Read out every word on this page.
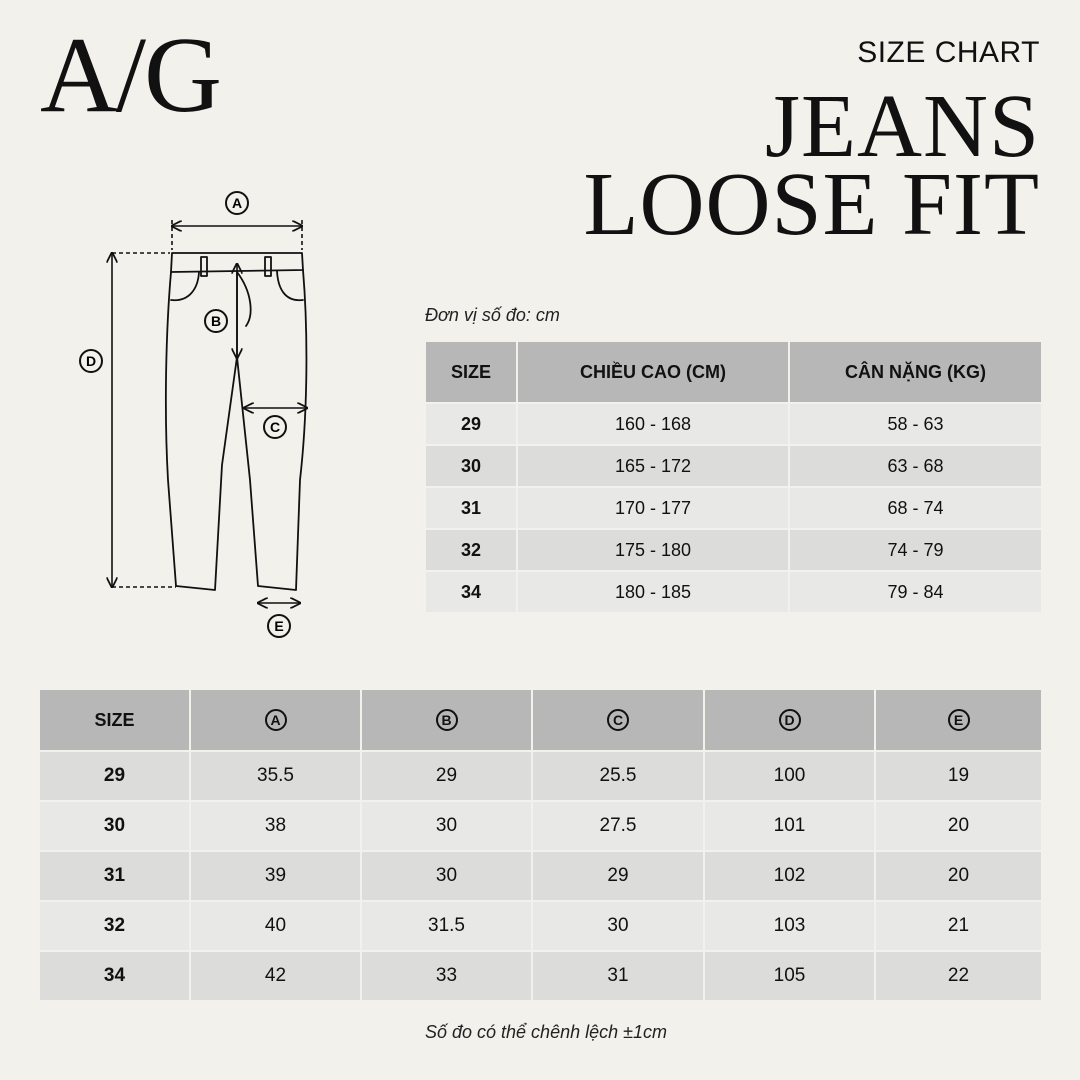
A/G	SIZE CHART
JEANS
LOOSE FIT
A
B
C
D
E
Đơn vị số đo: cm
SIZE	CHIỀU CAO (CM)	CÂN NẶNG (KG)
29	160 - 168	58 - 63
30	165 - 172	63 - 68
31	170 - 177	68 - 74
32	175 - 180	74 - 79
34	180 - 185	79 - 84
SIZE	A	B	C	D	E
29	35.5	29	25.5	100	19
30	38	30	27.5	101	20
31	39	30	29	102	20
32	40	31.5	30	103	21
34	42	33	31	105	22
Số đo có thể chênh lệch ±1cm
